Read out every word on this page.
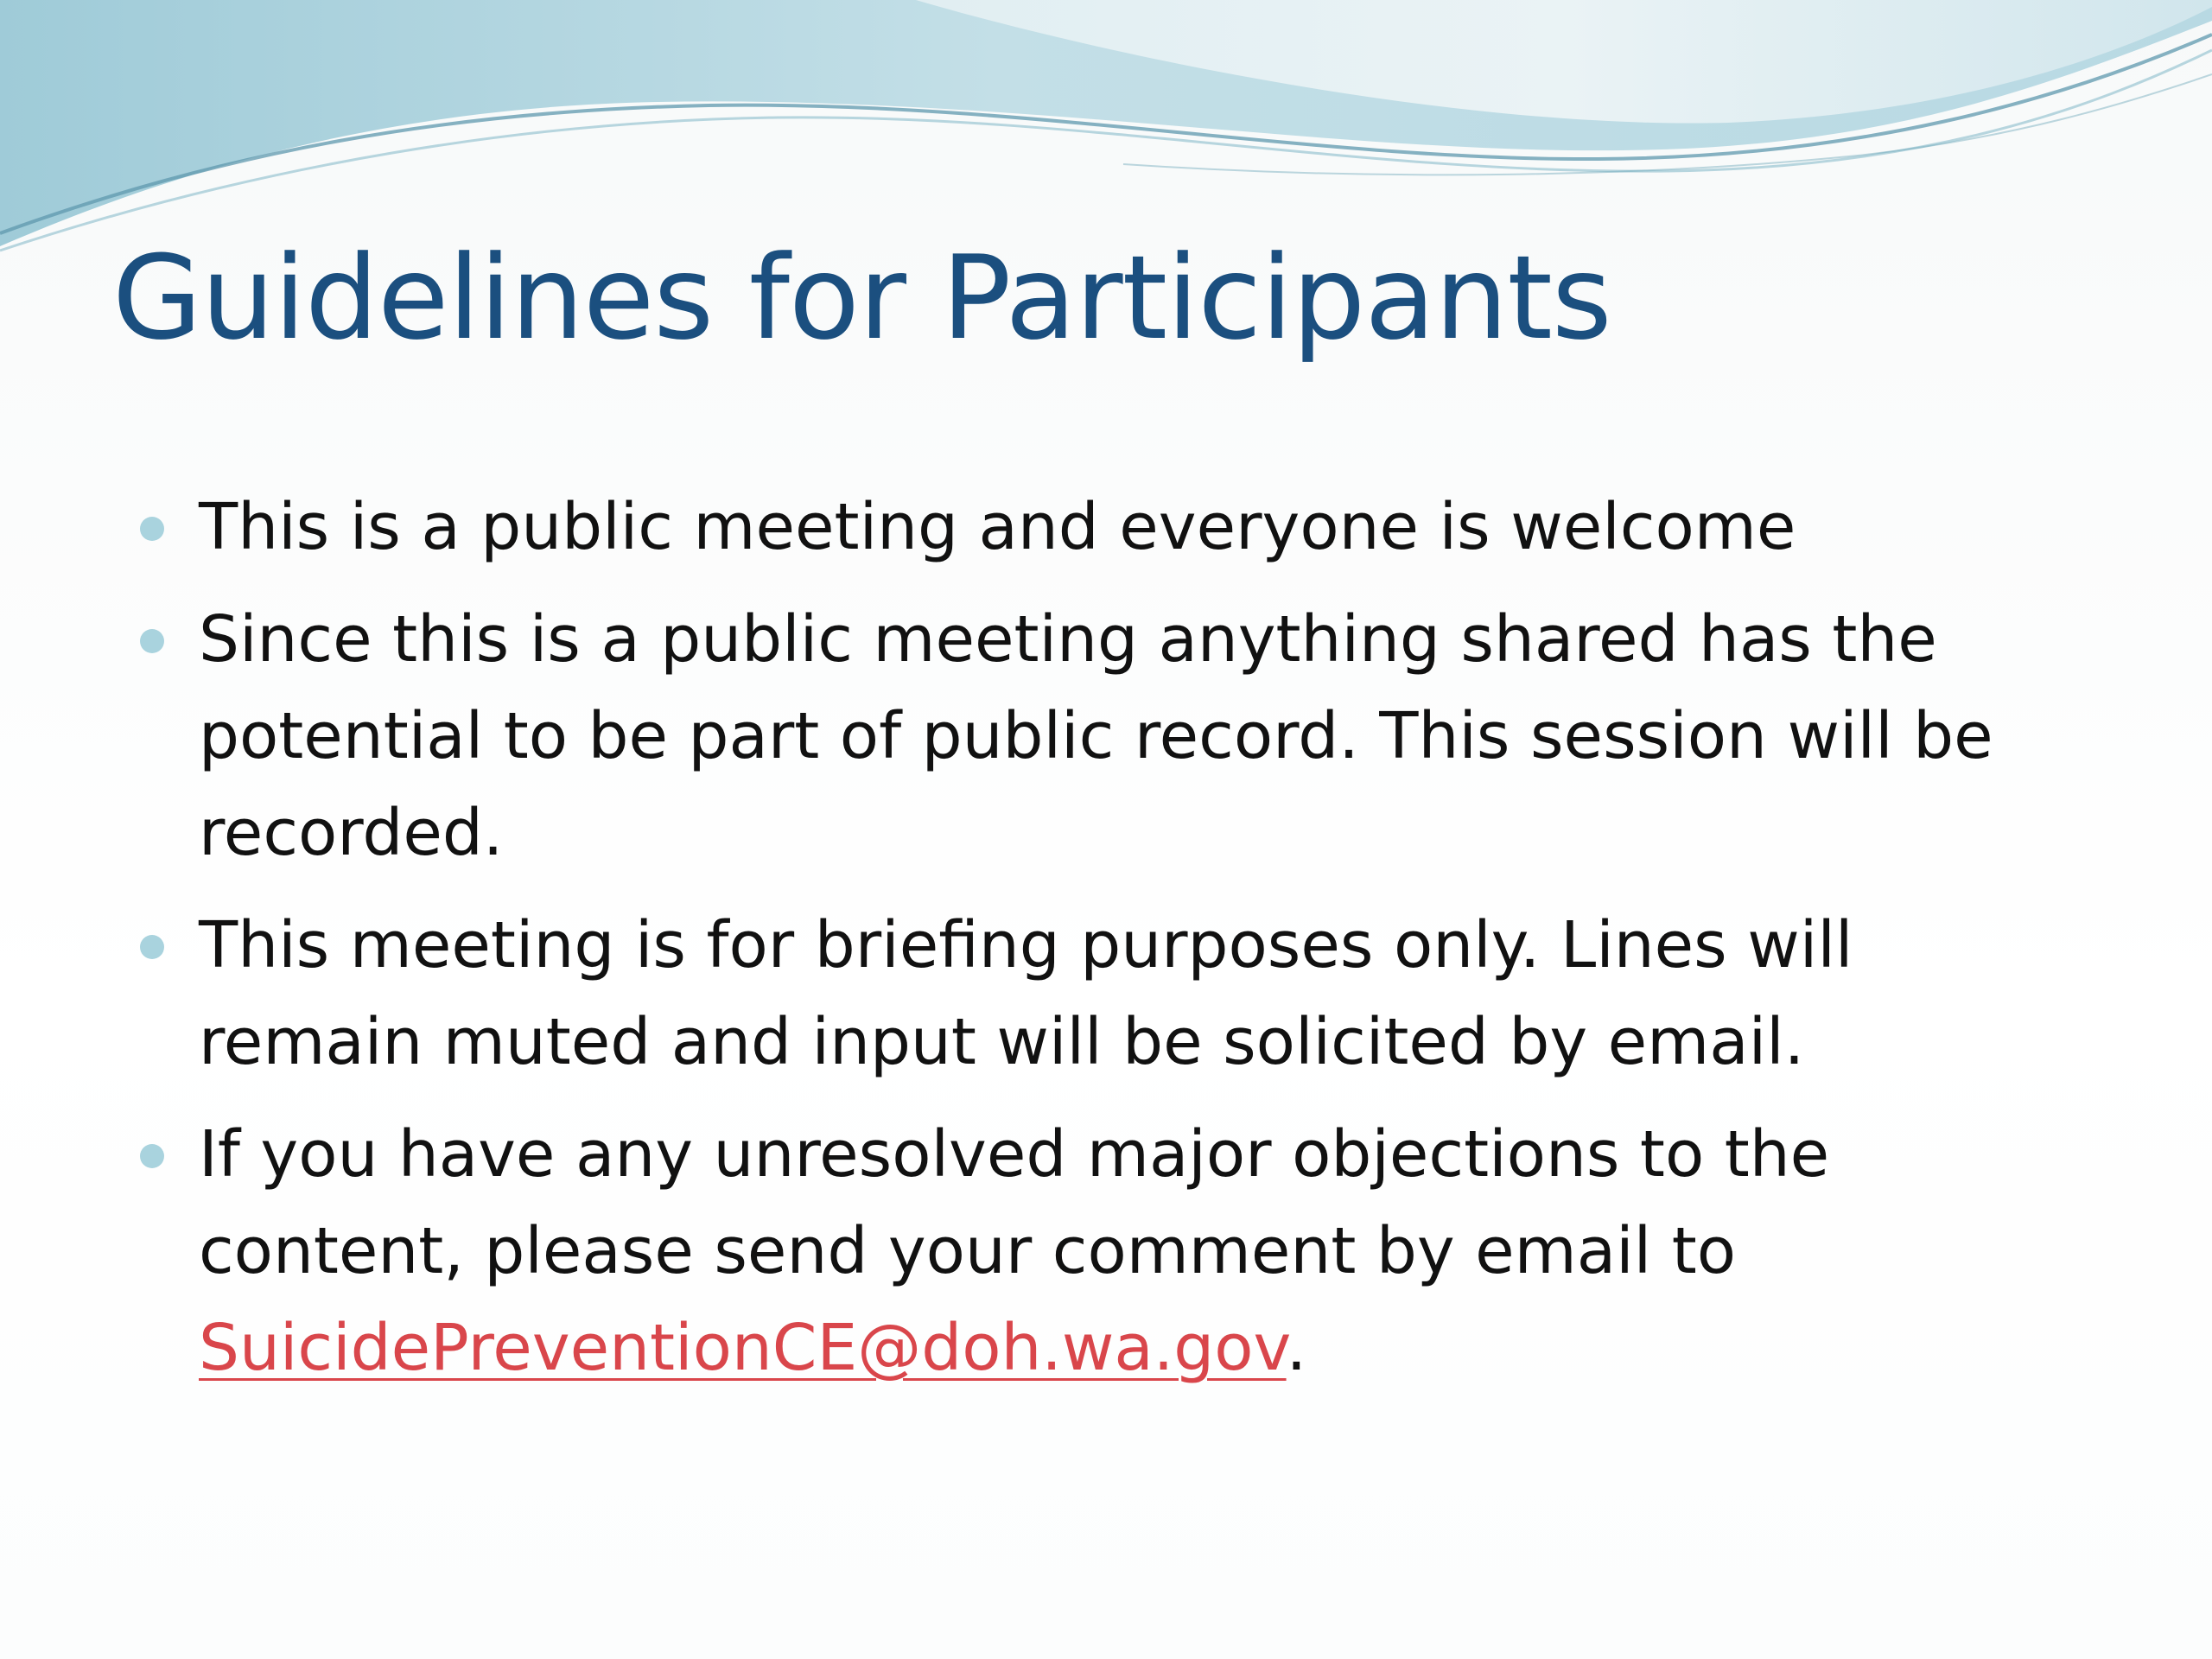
Guidelines for Participants
This is a public meeting and everyone is welcome
Since this is a public meeting anything shared has the potential to be part of public record. This session will be recorded.
This meeting is for briefing purposes only. Lines will remain muted and input will be solicited by email.
If you have any unresolved major objections to the content, please send your comment by email to SuicidePreventionCE@doh.wa.gov.
